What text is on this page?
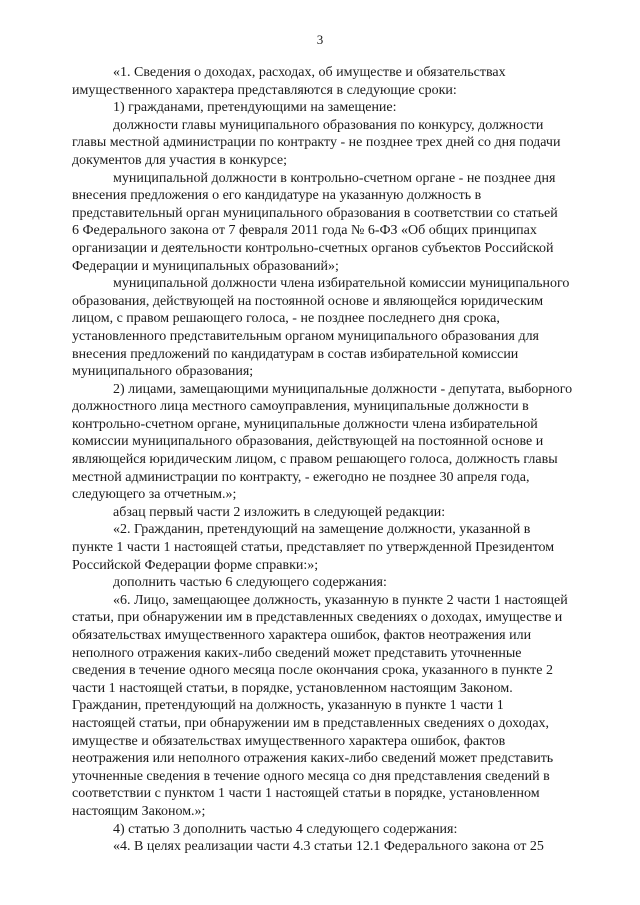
3

«1. Сведения о доходах, расходах, об имуществе и обязательствах
имущественного характера представляются в следующие сроки:

1) гражданами, претендующими на замещение:

должности главы муниципального образования по конкурсу, должности
главы местной администрации по контракту - не позднее трех дней со дня подачи
документов для участия в конкурсе;

муниципальной должности в контрольно-счетном органе - не позднее дня
внесения предложения о его кандидатуре на указанную должность в
представительный орган муниципального образования в соответствии со статьей
6 Федерального закона от 7 февраля 2011 года № 6-ФЗ «Об общих принципах
организации и деятельности контрольно-счетных органов субъектов Российской
Федерации и муниципальных образований»;

муниципальной должности члена избирательной комиссии муниципального
образования, действующей на постоянной основе и являющейся юридическим
лицом, с правом решающего голоса, - не позднее последнего дня срока,
установленного представительным органом муниципального образования для
внесения предложений по кандидатурам в состав избирательной комиссии
муниципального образования;

2) лицами, замещающими муниципальные должности - депутата, выборного
должностного лица местного самоуправления, муниципальные должности в
контрольно-счетном органе, муниципальные должности члена избирательной
комиссии муниципального образования, действующей на постоянной основе и
являющейся юридическим лицом, с правом решающего голоса, должность главы
местной администрации по контракту, - ежегодно не позднее 30 апреля года,
следующего за отчетным.»;

абзац первый части 2 изложить в следующей редакции:

«2. Гражданин, претендующий на замещение должности, указанной в
пункте 1 части 1 настоящей статьи, представляет по утвержденной Президентом
Российской Федерации форме справки:»;

дополнить частью 6 следующего содержания:

«6. Лицо, замещающее должность, указанную в пункте 2 части 1 настоящей
статьи, при обнаружении им в представленных сведениях о доходах, имуществе и
обязательствах имущественного характера ошибок, фактов неотражения или
неполного отражения каких-либо сведений может представить уточненные
сведения в течение одного месяца после окончания срока, указанного в пункте 2
части 1 настоящей статьи, в порядке, установленном настоящим Законом.
Гражданин, претендующий на должность, указанную в пункте 1 части 1
настоящей статьи, при обнаружении им в представленных сведениях о доходах,
имуществе и обязательствах имущественного характера ошибок, фактов
неотражения или неполного отражения каких-либо сведений может представить
уточненные сведения в течение одного месяца со дня представления сведений в
соответствии с пунктом 1 части 1 настоящей статьи в порядке, установленном
настоящим Законом.»;

4) статью 3 дополнить частью 4 следующего содержания:

«4. В целях реализации части 4.3 статьи 12.1 Федерального закона от 25
